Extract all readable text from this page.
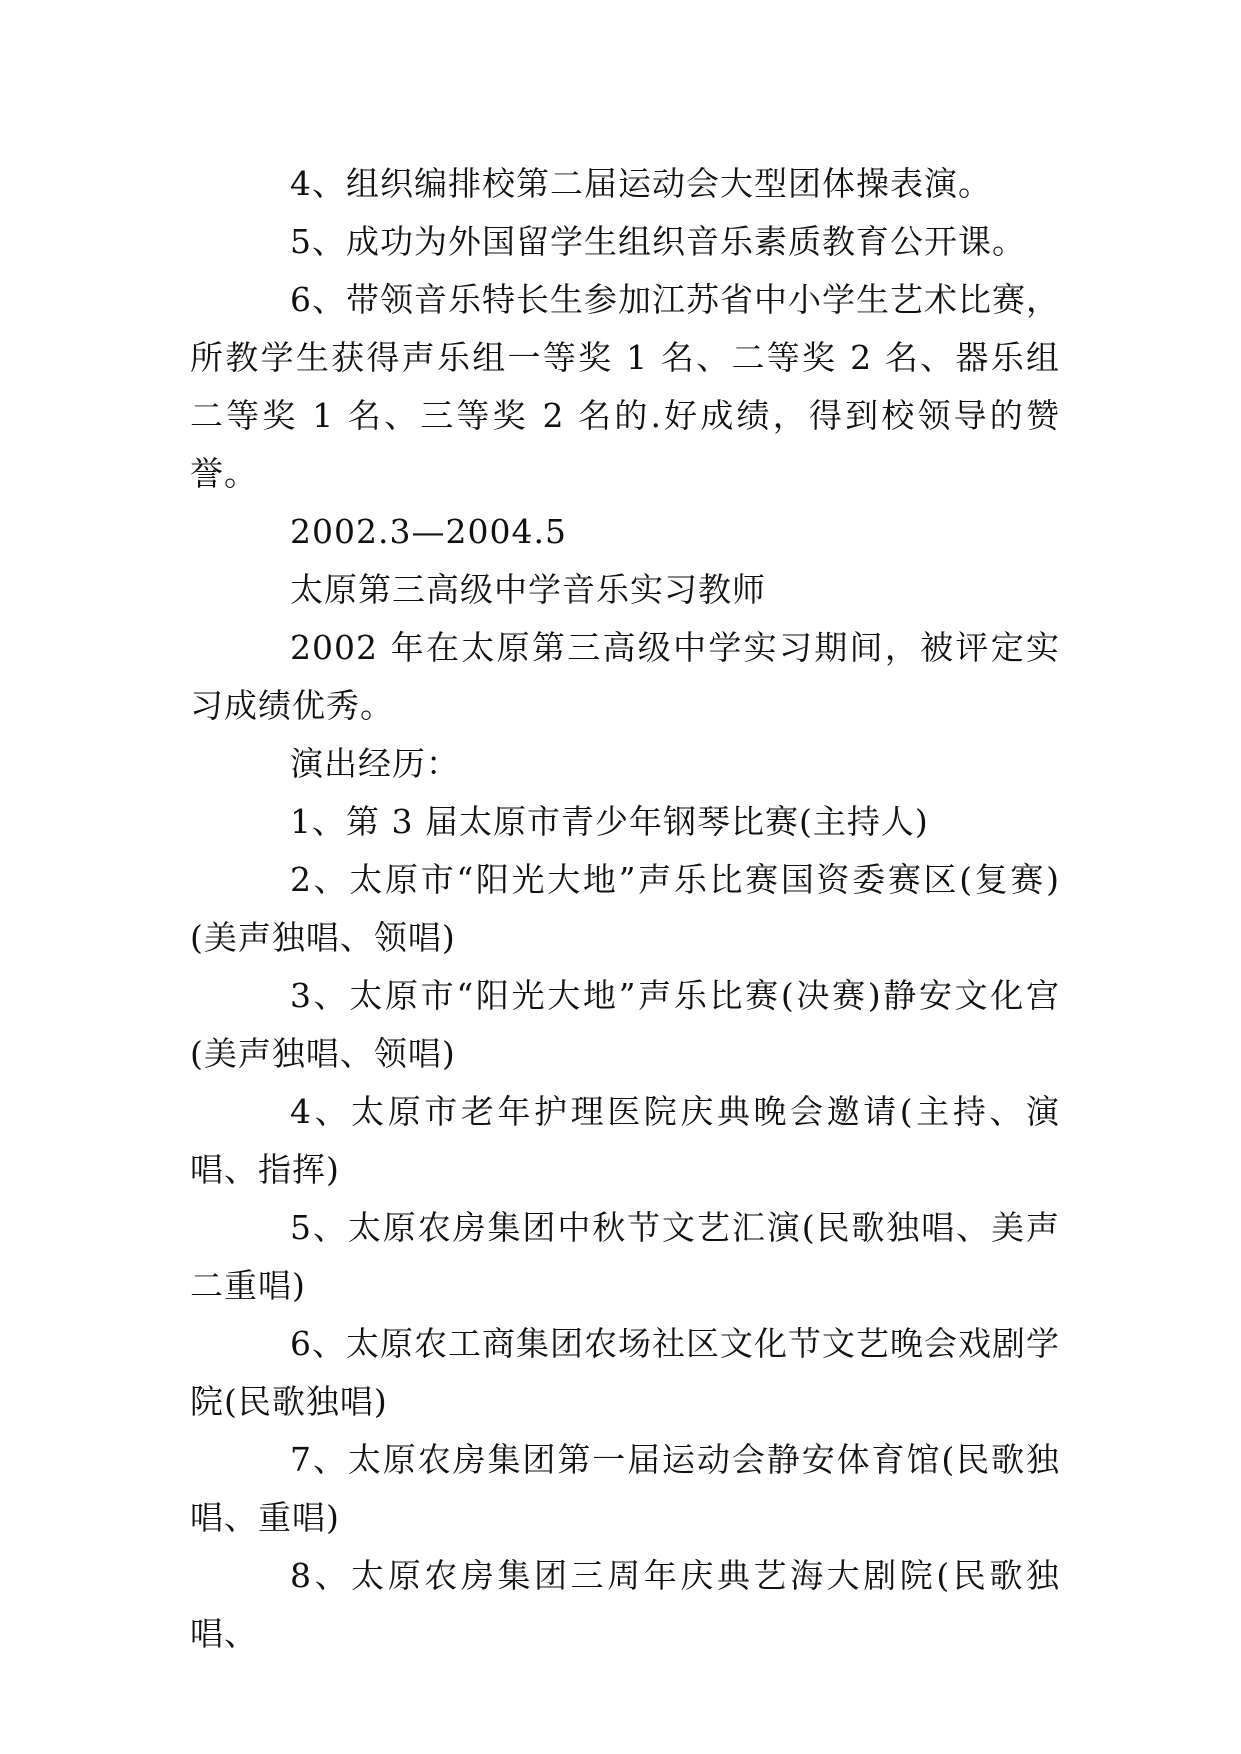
4、组织编排校第二届运动会大型团体操表演。

5、成功为外国留学生组织音乐素质教育公开课。

6、带领音乐特长生参加江苏省中小学生艺术比赛，所教学生获得声乐组一等奖 1 名、二等奖 2 名、器乐组二等奖 1 名、三等奖 2 名的.好成绩，得到校领导的赞誉。

2002.3—2004.5

太原第三高级中学音乐实习教师

2002 年在太原第三高级中学实习期间，被评定实习成绩优秀。

演出经历：

1、第 3 届太原市青少年钢琴比赛(主持人)

2、太原市“阳光大地”声乐比赛国资委赛区(复赛)(美声独唱、领唱)

3、太原市“阳光大地”声乐比赛(决赛)静安文化宫(美声独唱、领唱)

4、太原市老年护理医院庆典晚会邀请(主持、演唱、指挥)

5、太原农房集团中秋节文艺汇演(民歌独唱、美声二重唱)

6、太原农工商集团农场社区文化节文艺晚会戏剧学院(民歌独唱)

7、太原农房集团第一届运动会静安体育馆(民歌独唱、重唱)

8、太原农房集团三周年庆典艺海大剧院(民歌独唱、
